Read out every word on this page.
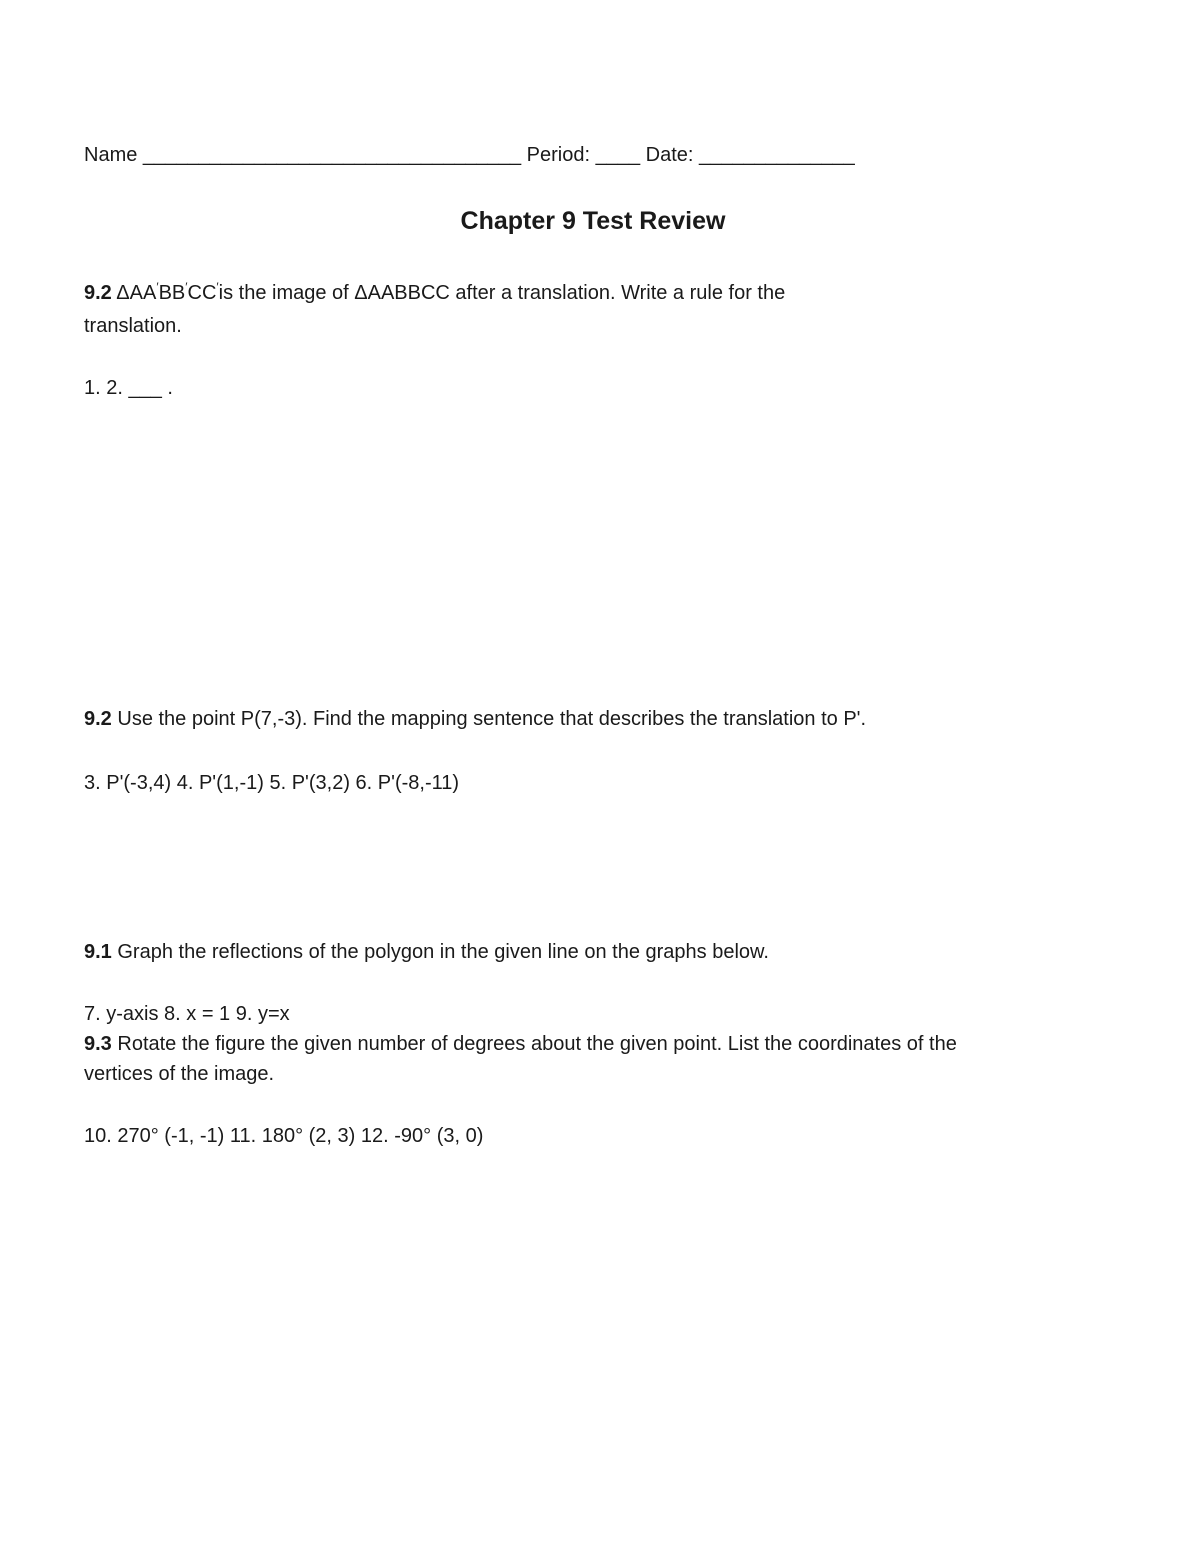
Name __________________________________ Period: ____ Date: ______________
Chapter 9 Test Review
9.2 ΔAA′BB′CC′is the image of ΔAABBCC after a translation. Write a rule for the
translation.
1. 2. ___ .
9.2 Use the point P(7,-3). Find the mapping sentence that describes the translation to P'.
3. P'(-3,4) 4. P'(1,-1) 5. P'(3,2) 6. P'(-8,-11)
9.1 Graph the reflections of the polygon in the given line on the graphs below.
7. y-axis 8. x = 1 9. y=x
9.3 Rotate the figure the given number of degrees about the given point. List the coordinates of the
vertices of the image.
10. 270° (-1, -1) 11. 180° (2, 3) 12. -90° (3, 0)
